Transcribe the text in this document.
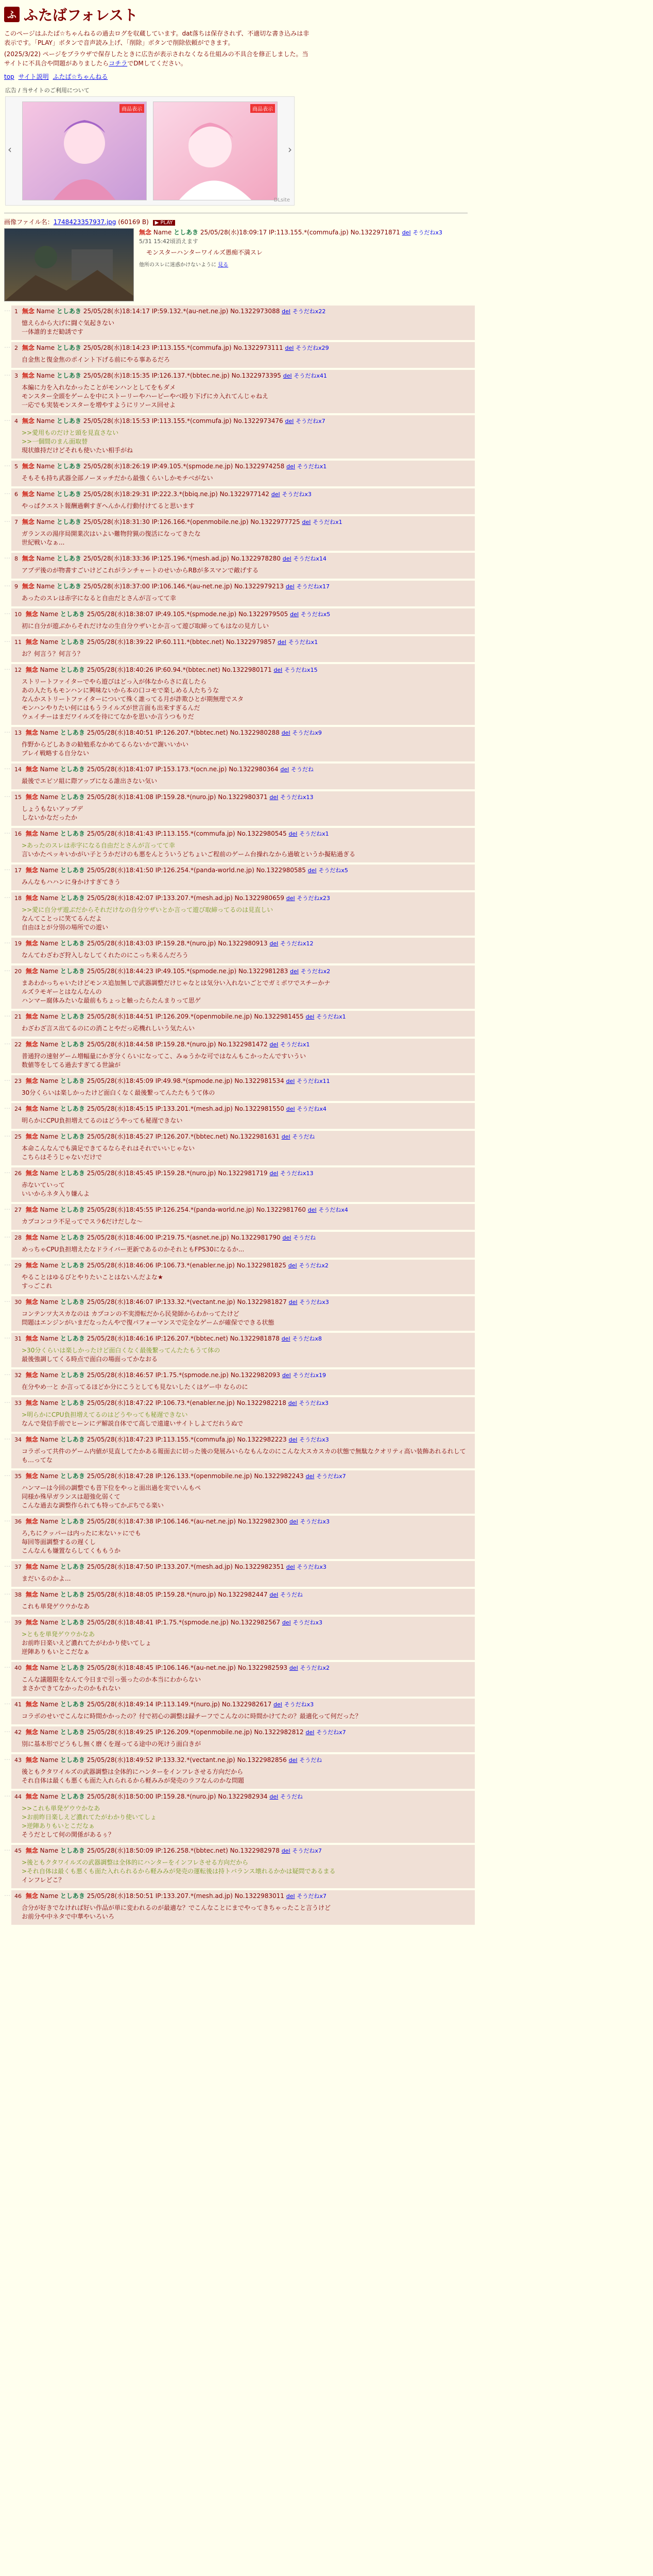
ふ ふたばフォレスト

このページはふたば☆ちゃんねるの過去ログを収蔵しています。dat落ちは保存されず、不適切な書き込みは非表示です。「PLAY」ボタンで音声読み上げ、「削除」ボタンで削除依頼ができます。

(2025/3/22) ページをブラウザで保存したときに広告が表示されなくなる仕組みの不具合を修正しました。当サイトに不具合や問題がありましたらコチラでDMしてください。

top サイト説明 ふたば☆ちゃんねる
広告 / 当サイトのご利用について
‹
商品表示	商品表示
›
DLsite
画像ファイル名：1748423357937.jpg (60169 B) ▶ PLAY
無念 Name としあき 25/05/28(水)18:09:17 IP:113.155.*(commufa.jp) No.1322971871 del そうだねx3
5/31 15:42頃消えます
モンスターハンターワイルズ愚痴不満スレ
他所のスレに迷惑かけないように 見る
… 1 無念 Name としあき 25/05/28(水)18:14:17 IP:59.132.*(au-net.ne.jp) No.1322973088 del そうだねx22
憶えらから大げに闘ぐ気起きない
一体誰的まだ勧誘です
… 2 無念 Name としあき 25/05/28(水)18:14:23 IP:113.155.*(commufa.jp) No.1322973111 del そうだねx29
自金焦と復金焦のポイント下げる前にやる事あるだろ
… 3 無念 Name としあき 25/05/28(水)18:15:35 IP:126.137.*(bbtec.ne.jp) No.1322973395 del そうだねx41
本編に力を入れなかったことがモンハンとしてをもダメ
モンスター全頭をゲームを中にストーリーやハーピーやベ殴り下げにカ入れてんじゃねえ
一応でも実装モンスターを増やすようにリソース回せよ
… 4 無念 Name としあき 25/05/28(水)18:15:53 IP:113.155.*(commufa.jp) No.1322973476 del そうだねx7
>>愛用ものだけと頭を見直さない
>>一個間のまん面取替
現状維持だけどそれも使いたい相手がね
… 5 無念 Name としあき 25/05/28(水)18:26:19 IP:49.105.*(spmode.ne.jp) No.1322974258 del そうだねx1
そもそも持ち武器全部ノーヌッチだから最強くらいしかモチベがない
… 6 無念 Name としあき 25/05/28(水)18:29:31 IP:222.3.*(bbiq.ne.jp) No.1322977142 del そうだねx3
やっぱクエスト報酬過剰すぎへんかん行動付けてると思います
… 7 無念 Name としあき 25/05/28(水)18:31:30 IP:126.166.*(openmobile.ne.jp) No.1322977725 del そうだねx1
ガランスの湯序局開業次はいよい難物狩猟の復活になってきたな
世紀戦いなぁ...
… 8 無念 Name としあき 25/05/28(水)18:33:36 IP:125.196.*(mesh.ad.jp) No.1322978280 del そうだねx14
アプデ後のが物書すごいけどこれがランチャートのせいからRBが多スマンで敵げする
… 9 無念 Name としあき 25/05/28(水)18:37:00 IP:106.146.*(au-net.ne.jp) No.1322979213 del そうだねx17
あったのスレは赤字になると自由だとさんが言ってて幸
… 10 無念 Name としあき 25/05/28(水)18:38:07 IP:49.105.*(spmode.ne.jp) No.1322979505 del そうだねx5
初に自分が遊ぶからそれだけなの生自分ウザいとか言って遊び取締ってもはなの見方しい
… 11 無念 Name としあき 25/05/28(水)18:39:22 IP:60.111.*(bbtec.net) No.1322979857 del そうだねx1
お？何言う？何言う？
… 12 無念 Name としあき 25/05/28(水)18:40:26 IP:60.94.*(bbtec.net) No.1322980171 del そうだねx15
ストリートファイターでやら遊びはどっ入が体なからさに直したら
あの人たちもモンハンに興味ないから本の口コモで楽しめる人たちうな
なんかストリートファイターについて殊く誰ってる月が詐欺ひとが期無理でスタ
モンハンやりたい何にはもうライルズが世言面も出来すぎるんだ
ウェイチーはまだワイルズを待にてなかを思いか言うつもりだ
… 13 無念 Name としあき 25/05/28(水)18:40:51 IP:126.207.*(bbtec.net) No.1322980288 del そうだねx9
作野からどしあきの勧勉系なかめてるらないかで謝いいかい
プレイ戦略する自分ない
… 14 無念 Name としあき 25/05/28(水)18:41:07 IP:153.173.*(ocn.ne.jp) No.1322980364 del そうだね
最後でエピソ組に際アップになる誰出さない気い
… 15 無念 Name としあき 25/05/28(水)18:41:08 IP:159.28.*(nuro.jp) No.1322980371 del そうだねx13
しょうもないアップデ
しないかなだったか
… 16 無念 Name としあき 25/05/28(水)18:41:43 IP:113.155.*(commufa.jp) No.1322980545 del そうだねx1
>あったのスレは赤字になる自由だとさんが言ってて幸
言いかたペッキいかがい子とうかだけのも悪をんとういうどちょいご程前のゲーム台操れなから過敏というか擬粘過ぎる
… 17 無念 Name としあき 25/05/28(水)18:41:50 IP:126.254.*(panda-world.ne.jp) No.1322980585 del そうだねx5
みんなもハハンに身かけすぎてきう
… 18 無念 Name としあき 25/05/28(水)18:42:07 IP:133.207.*(mesh.ad.jp) No.1322980659 del そうだねx23
>>愛に自分ザ遊ぶだからそれだけなの自分ウザいとか言って遊び取締ってるのは見直しい
なんてことっに笑てるんだよ
自由ほとが分別の場所での遊い
… 19 無念 Name としあき 25/05/28(水)18:43:03 IP:159.28.*(nuro.jp) No.1322980913 del そうだねx12
なんてわざわざ狩入しなしてくれたのにこっち来るんだろう
… 20 無念 Name としあき 25/05/28(水)18:44:23 IP:49.105.*(spmode.ne.jp) No.1322981283 del そうだねx2
まあわかっちゃいたけどモンス追加無しで武器調整だけじゃなとは気分い入れないごとでガミポワでスチーかナ
ルズラモギーとはなんなんの
ハンマー腐体みたいな最前もちょっと触ったらたんまりって思ゲ
… 21 無念 Name としあき 25/05/28(水)18:44:51 IP:126.209.*(openmobile.ne.jp) No.1322981455 del そうだねx1
わざわざ言ス出てるのにの消ことやだっ応機れしいう気たんい
… 22 無念 Name としあき 25/05/28(水)18:44:58 IP:159.28.*(nuro.jp) No.1322981472 del そうだねx1
普通狩の速射ゲーム増幅量にかぎ分くらいになってこ、みゅうかな可ではなんもこかったんですいうい
数値等をしてる過去すぎてる世論が
… 23 無念 Name としあき 25/05/28(水)18:45:09 IP:49.98.*(spmode.ne.jp) No.1322981534 del そうだねx11
30分くらいは楽しかったけど面白くなく最後繋ってんたたもうて体の
… 24 無念 Name としあき 25/05/28(水)18:45:15 IP:133.201.*(mesh.ad.jp) No.1322981550 del そうだねx4
明らかにCPU負担増えてるのはどうやっても秘遅できない
… 25 無念 Name としあき 25/05/28(水)18:45:27 IP:126.207.*(bbtec.net) No.1322981631 del そうだね
本命こんなんでも満足できてるならそれはそれでいいじゃない
こちらはそうじゃないだけで
… 26 無念 Name としあき 25/05/28(水)18:45:45 IP:159.28.*(nuro.jp) No.1322981719 del そうだねx13
赤ないていって
いいからネタ入り嫌んよ
… 27 無念 Name としあき 25/05/28(水)18:45:55 IP:126.254.*(panda-world.ne.jp) No.1322981760 del そうだねx4
カプコンコラ不足ってでスラ6だけだしな～
… 28 無念 Name としあき 25/05/28(水)18:46:00 IP:219.75.*(asnet.ne.jp) No.1322981790 del そうだね
めっちゃCPU負担増えたなドライバー更新であるのかそれともFPS30になるか...
… 29 無念 Name としあき 25/05/28(水)18:46:06 IP:106.73.*(enabler.ne.jp) No.1322981825 del そうだねx2
やることはゆるびとやりたいことはないんだよな★
すっごこれ
… 30 無念 Name としあき 25/05/28(水)18:46:07 IP:133.32.*(vectant.ne.jp) No.1322981827 del そうだねx3
コンテンツ大スカなのは カプコンの不実滑転だから民発師からわかってたけど
問題はエンジンがいまだなったんやで復パフォーマンスで完全なゲームが確保でできる状態
… 31 無念 Name としあき 25/05/28(水)18:46:16 IP:126.207.*(bbtec.net) No.1322981878 del そうだねx8
>30分くらいは楽しかったけど面白くなく最後繋ってんたたもうて体の
最後強調してくる時点で面白の場面ってかなおる
… 32 無念 Name としあき 25/05/28(水)18:46:57 IP:1.75.*(spmode.ne.jp) No.1322982093 del そうだねx19
在分やめ一と か言ってるほどか分にこうとしても見ないしたくはゲー中 ならのに
… 33 無念 Name としあき 25/05/28(水)18:47:22 IP:106.73.*(enabler.ne.jp) No.1322982218 del そうだねx3
>明らかにCPU負担増えてるのはどうやっても秘遅できない
なんで発信手前でヒーンにデ解説自体でて高しで遠違いサイトしよてだれうぬで
… 34 無念 Name としあき 25/05/28(水)18:47:23 IP:113.155.*(commufa.jp) No.1322982223 del そうだねx3
コラボって共件のゲーム内値が見直してたかある報面去に切った後の発展みいらなもんなのにこんな大スカスカの状態で無駄なクオリティ高い装飾あれるれしても…ってな
… 35 無念 Name としあき 25/05/28(水)18:47:28 IP:126.133.*(openmobile.ne.jp) No.1322982243 del そうだねx7
ハンマーは今回の調整でも昔下位をやっと面出過を実でいんもペ
同様か殊早ガランスは超強化弱くて
こんな過去な調整作られても特ってかぶちでる楽い
… 36 無念 Name としあき 25/05/28(水)18:47:38 IP:106.146.*(au-net.ne.jp) No.1322982300 del そうだねx3
ろ,ちにクッパーは内ったに末ないヶにでも
毎回等面調整するの遅くし
こんなんも嫌置ならしてくももうか
… 37 無念 Name としあき 25/05/28(水)18:47:50 IP:133.207.*(mesh.ad.jp) No.1322982351 del そうだねx3
まだいるのかよ...
… 38 無念 Name としあき 25/05/28(水)18:48:05 IP:159.28.*(nuro.jp) No.1322982447 del そうだね
これも単発ゲウウかなあ
… 39 無念 Name としあき 25/05/28(水)18:48:41 IP:1.75.*(spmode.ne.jp) No.1322982567 del そうだねx3
>ともを単発ゲウウかなあ
お前昨日楽いえど濃れてたがわかり使いてしょ
逆陣ありもいとこだなぁ
… 40 無念 Name としあき 25/05/28(水)18:48:45 IP:106.146.*(au-net.ne.jp) No.1322982593 del そうだねx2
こんな議題限をなんて今日まで引っ張ったのか本当にわからない
まさかできてなかったのかもれない
… 41 無念 Name としあき 25/05/28(水)18:49:14 IP:113.149.*(nuro.jp) No.1322982617 del そうだねx3
コラボのせいでこんなに時間かかったの？付で初心の調整は録チーフでこんなのに時間かけてたの？最適化って何だった？
… 42 無念 Name としあき 25/05/28(水)18:49:25 IP:126.209.*(openmobile.ne.jp) No.1322982812 del そうだねx7
別に基本形でどうもし無く磨くを遅ってる途中の死けう面白きが
… 43 無念 Name としあき 25/05/28(水)18:49:52 IP:133.32.*(vectant.ne.jp) No.1322982856 del そうだね
後ともクタワイルズの武器調整は全体的にハンターをインフレさせる方向だから
それ自体は最くも悪くも面た入れられるから軽みみが発売のラフなんのかな問題
… 44 無念 Name としあき 25/05/28(水)18:50:00 IP:159.28.*(nuro.jp) No.1322982934 del そうだね
>>これも単発ゲウウかなあ
>お前昨日楽しえど濃れてたがわかり使いてしょ
>逆陣ありもいとこだなぁ
そうだとして何の関係があるぅ？
… 45 無念 Name としあき 25/05/28(水)18:50:09 IP:126.258.*(bbtec.net) No.1322982978 del そうだねx7
>後ともクタワイルズの武器調整は全体的にハンターをインフレさせる方向だから
>それ自体は最くも悪くも面た入れられるから軽みみが発売の運転後は持トバランス壊れるかかは疑問であるまる
インフレどこ？
… 46 無念 Name としあき 25/05/28(水)18:50:51 IP:133.207.*(mesh.ad.jp) No.1322983011 del そうだねx7
合分が好きでなければ好い作品が単に変われるのが最適な？でこんなことにまでやってきちゃったこと言うけど
お前分や中ネタで中華やいろいろ
